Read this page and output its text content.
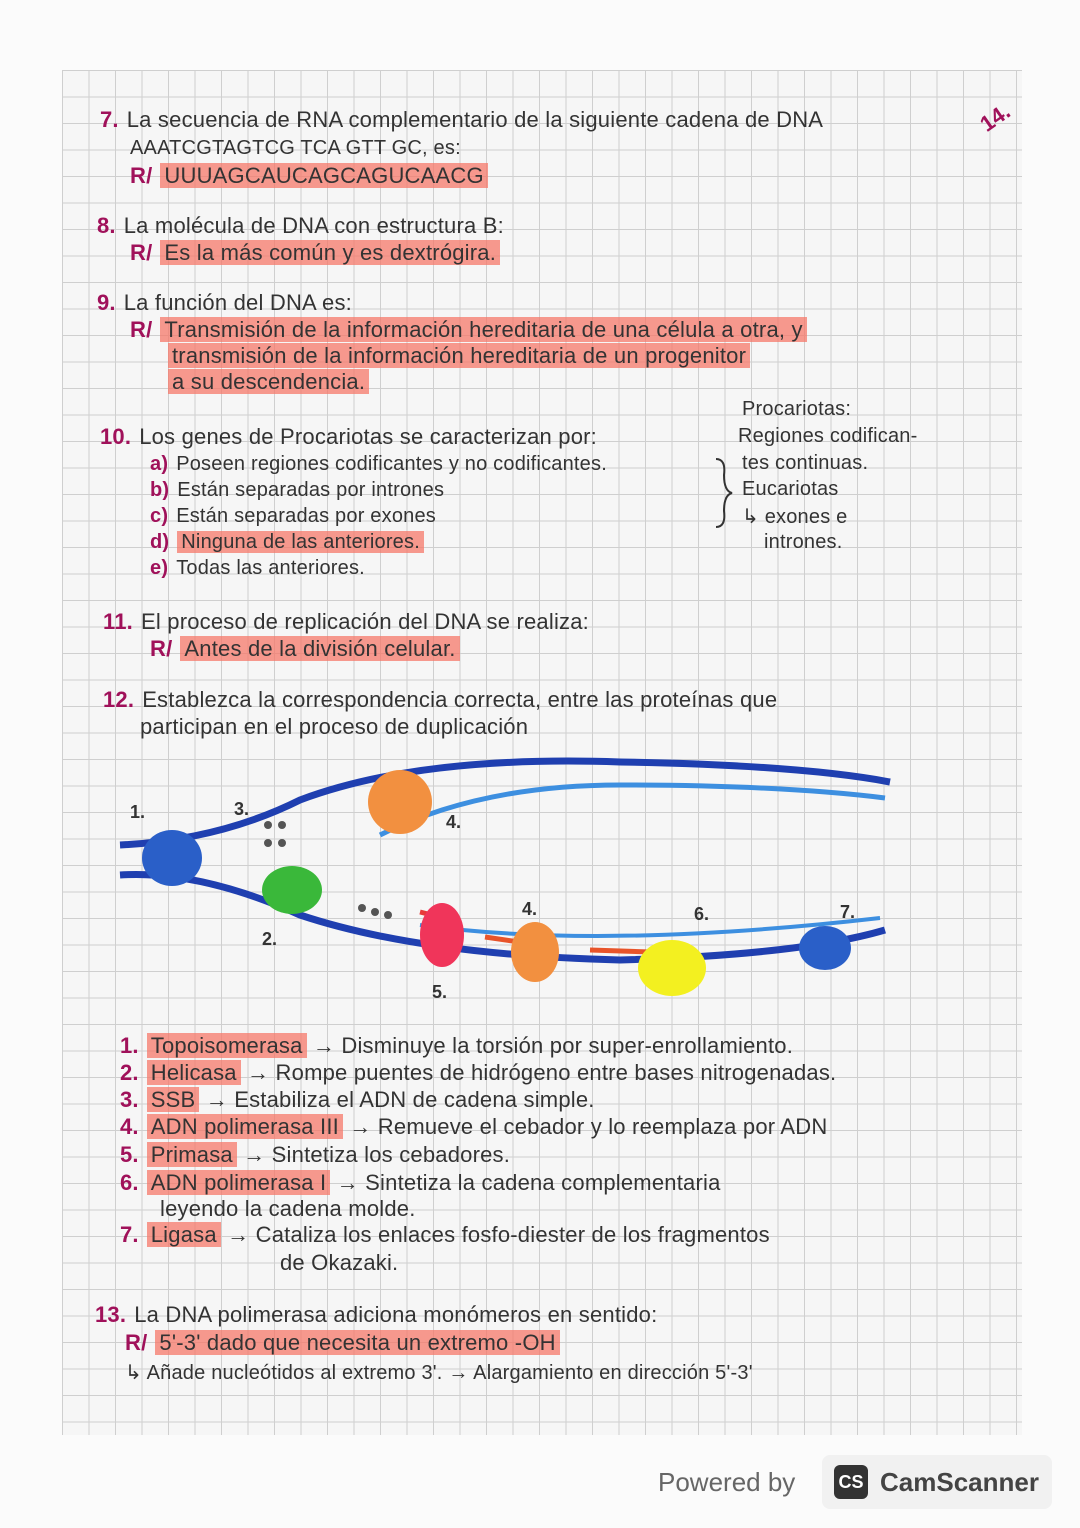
14.
7. La secuencia de RNA complementario de la siguiente cadena de DNA
AAATCGTAGTCG TCA GTT GC, es:
R/ UUUAGCAUCAGCAGUCAACG
8. La molécula de DNA con estructura B:
R/ Es la más común y es dextrógira.
9. La función del DNA es:
R/ Transmisión de la información hereditaria de una célula a otra, y
transmisión de la información hereditaria de un progenitor
a su descendencia.
10. Los genes de Procariotas se caracterizan por:
a) Poseen regiones codificantes y no codificantes.
b) Están separadas por intrones
c) Están separadas por exones
d) Ninguna de las anteriores.
e) Todas las anteriores.
Procariotas:
Regiones codifican-
tes continuas.
Eucariotas
↳ exones e
intrones.
11. El proceso de replicación del DNA se realiza:
R/ Antes de la división celular.
12. Establezca la correspondencia correcta, entre las proteínas que
participan en el proceso de duplicación
1.
2.
3.
4.
4.
5.
6.	7.
1. Topoisomerasa → Disminuye la torsión por super-enrollamiento.
2. Helicasa → Rompe puentes de hidrógeno entre bases nitrogenadas.
3. SSB → Estabiliza el ADN de cadena simple.
4. ADN polimerasa III → Remueve el cebador y lo reemplaza por ADN
5. Primasa → Sintetiza los cebadores.
6. ADN polimerasa I → Sintetiza la cadena complementaria
leyendo la cadena molde.
7. Ligasa → Cataliza los enlaces fosfo-diester de los fragmentos
de Okazaki.
13. La DNA polimerasa adiciona monómeros en sentido:
R/ 5'-3' dado que necesita un extremo -OH
↳ Añade nucleótidos al extremo 3'. → Alargamiento en dirección 5'-3'
Powered by CS CamScanner
